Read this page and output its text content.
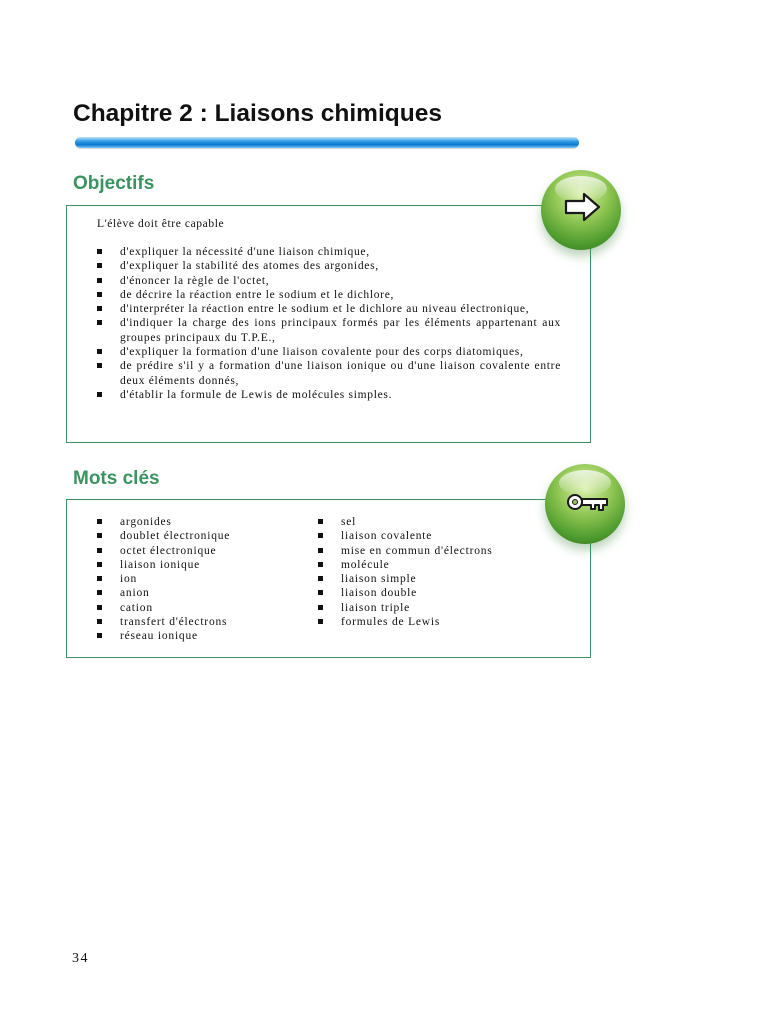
Chapitre 2 : Liaisons chimiques
Objectifs
L'élève doit être capable
d'expliquer la nécessité d'une liaison chimique,
d'expliquer la stabilité des atomes des argonides,
d'énoncer la règle de l'octet,
de décrire la réaction entre le sodium et le dichlore,
d'interpréter la réaction entre le sodium et le dichlore au niveau électronique,
d'indiquer la charge des ions principaux formés par les éléments appartenant aux groupes principaux du T.P.E.,
d'expliquer la formation d'une liaison covalente pour des corps diatomiques,
de prédire s'il y a formation d'une liaison ionique ou d'une liaison covalente entre deux éléments donnés,
d'établir la formule de Lewis de molécules simples.
Mots clés
argonides
doublet électronique
octet électronique
liaison ionique
ion
anion
cation
transfert d'électrons
réseau ionique
sel
liaison covalente
mise en commun d'électrons
molécule
liaison simple
liaison double
liaison triple
formules de Lewis
34
